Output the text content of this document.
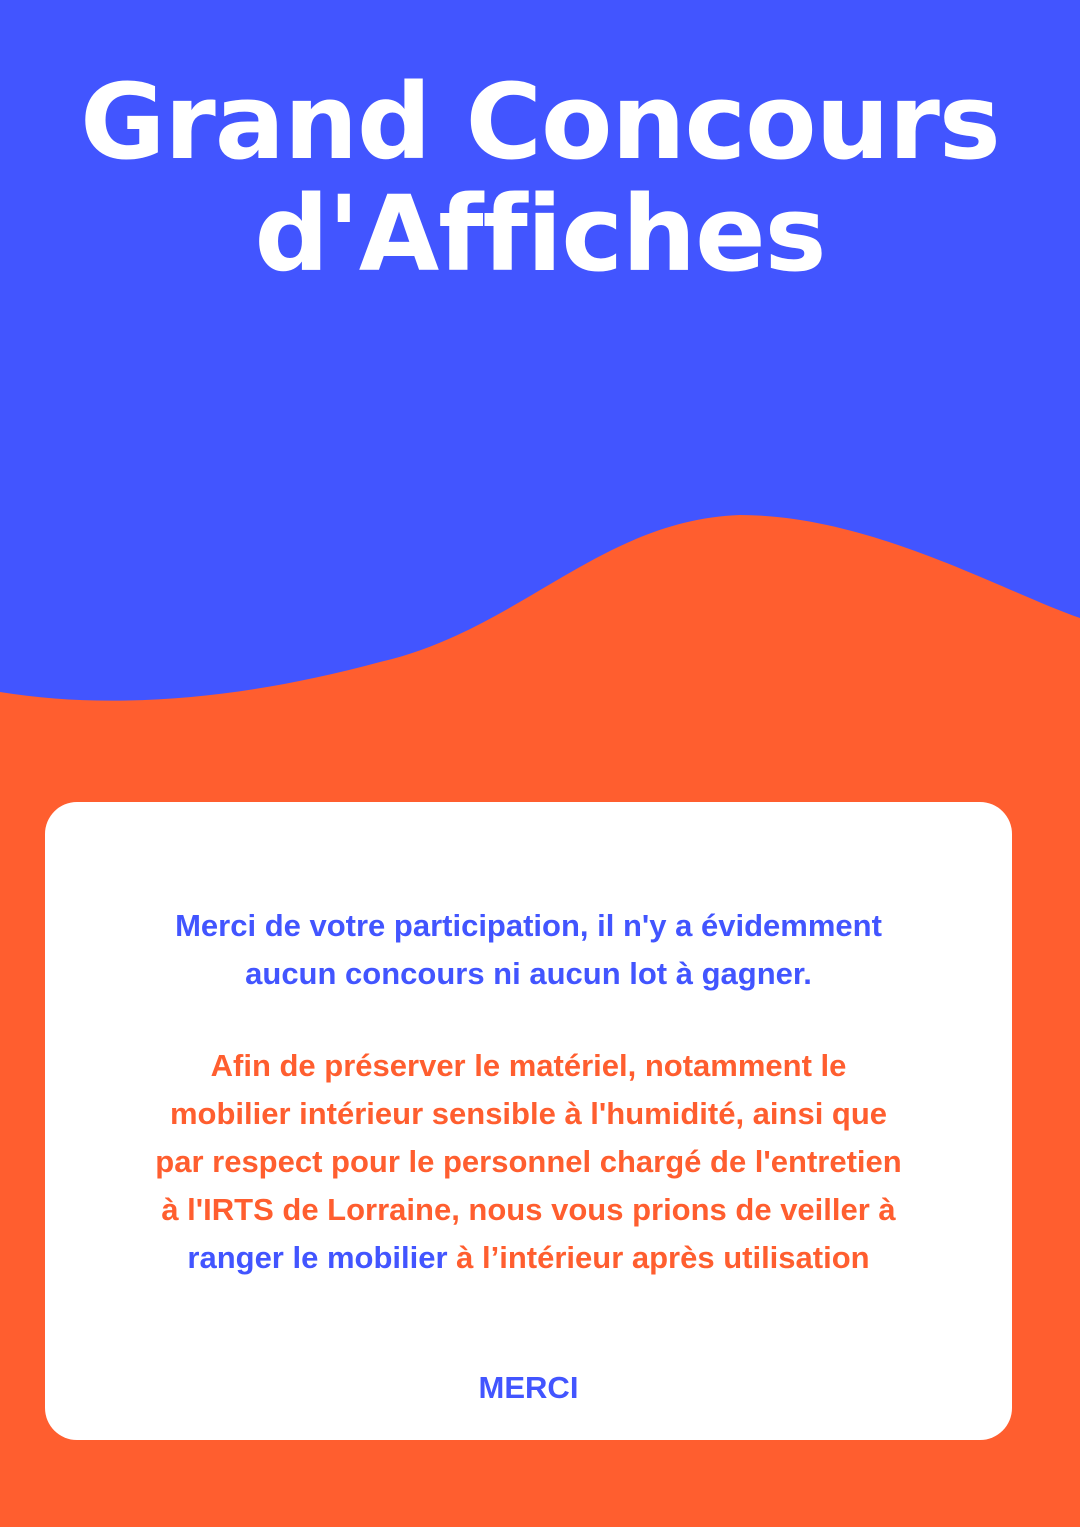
Grand Concours
d'Affiches

Merci de votre participation, il n'y a évidemment
aucun concours ni aucun lot à gagner.

Afin de préserver le matériel, notamment le
mobilier intérieur sensible à l'humidité, ainsi que
par respect pour le personnel chargé de l'entretien
à l'IRTS de Lorraine, nous vous prions de veiller à
ranger le mobilier à l’intérieur après utilisation

MERCI
